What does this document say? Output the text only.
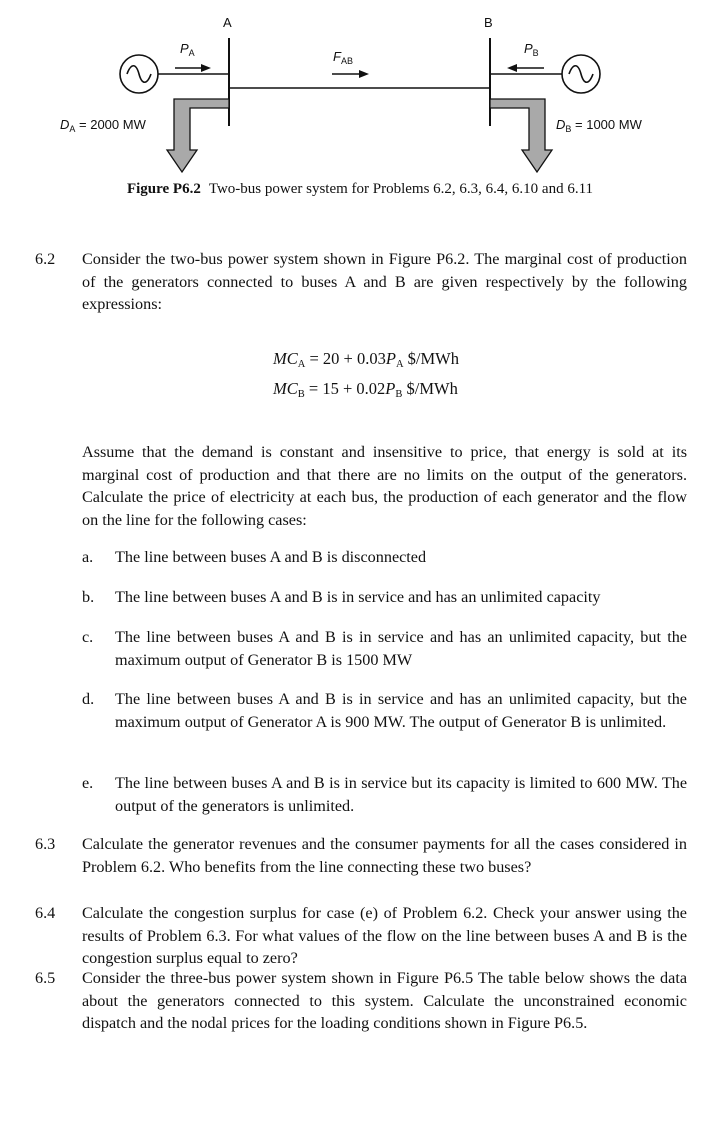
A	B
$P_A$	$F_{AB}$
$P_B$
$D_A = 2000$ MW	$D_B = 1000$ MW
Figure P6.2 Two-bus power system for Problems 6.2, 6.3, 6.4, 6.10 and 6.11
6.2	Consider the two-bus power system shown in Figure P6.2. The marginal cost of production of the generators connected to buses A and B are given respectively by the following expressions:
$MC_A = 20 + 0.03P_A$ $/MWh
$MC_B = 15 + 0.02P_B$ $/MWh
Assume that the demand is constant and insensitive to price, that energy is sold at its marginal cost of production and that there are no limits on the output of the generators. Calculate the price of electricity at each bus, the production of each generator and the flow on the line for the following cases:
a.	The line between buses A and B is disconnected
b.	The line between buses A and B is in service and has an unlimited capacity
c.	The line between buses A and B is in service and has an unlimited capacity, but the maximum output of Generator B is 1500 MW
d.	The line between buses A and B is in service and has an unlimited capacity, but the maximum output of Generator A is 900 MW. The output of Generator B is unlimited.
e.	The line between buses A and B is in service but its capacity is limited to 600 MW. The output of the generators is unlimited.
6.3	Calculate the generator revenues and the consumer payments for all the cases considered in Problem 6.2. Who benefits from the line connecting these two buses?
6.4	Calculate the congestion surplus for case (e) of Problem 6.2. Check your answer using the results of Problem 6.3. For what values of the flow on the line between buses A and B is the congestion surplus equal to zero?
6.5	Consider the three-bus power system shown in Figure P6.5 The table below shows the data about the generators connected to this system. Calculate the unconstrained economic dispatch and the nodal prices for the loading conditions shown in Figure P6.5.
